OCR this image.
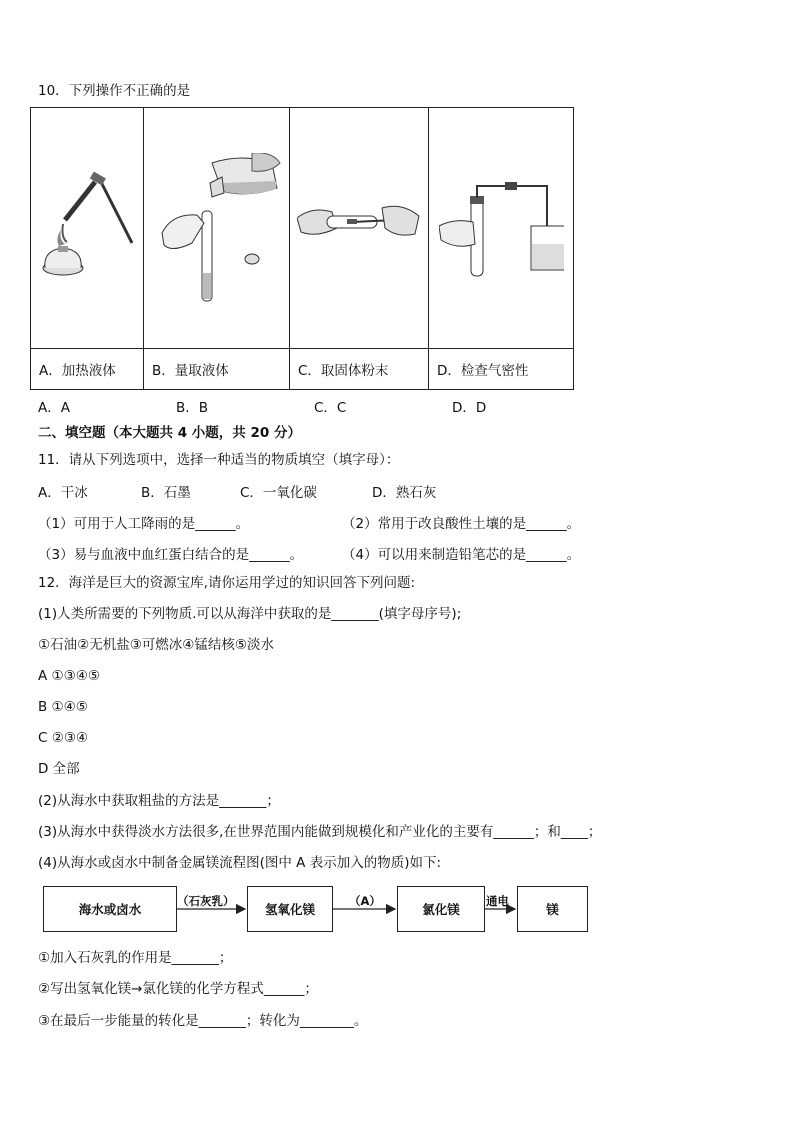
10．下列操作不正确的是

A．加热液体	B．量取液体	C．取固体粉末	D．检查气密性
A．A	B．B	C．C	D．D
二、填空题（本大题共 4 小题，共 20 分）
11．请从下列选项中，选择一种适当的物质填空（填字母）：
A．干冰	B．石墨	C．一氧化碳	D．熟石灰
（1）可用于人工降雨的是______。	（2）常用于改良酸性土壤的是______。
（3）易与血液中血红蛋白结合的是______。	（4）可以用来制造铅笔芯的是______。
12．海洋是巨大的资源宝库,请你运用学过的知识回答下列问题:
(1)人类所需要的下列物质.可以从海洋中获取的是_______(填字母序号);
①石油②无机盐③可燃冰④锰结核⑤淡水
A ①③④⑤
B ①④⑤
C ②③④
D 全部
(2)从海水中获取粗盐的方法是_______；
(3)从海水中获得淡水方法很多,在世界范围内能做到规模化和产业化的主要有______；和____；
(4)从海水或卤水中制备金属镁流程图(图中 A 表示加入的物质)如下:
海水或卤水	氢氧化镁	氯化镁	镁
（石灰乳）	（A）	通电
①加入石灰乳的作用是_______；
②写出氢氧化镁→氯化镁的化学方程式______；
③在最后一步能量的转化是_______；转化为________。
